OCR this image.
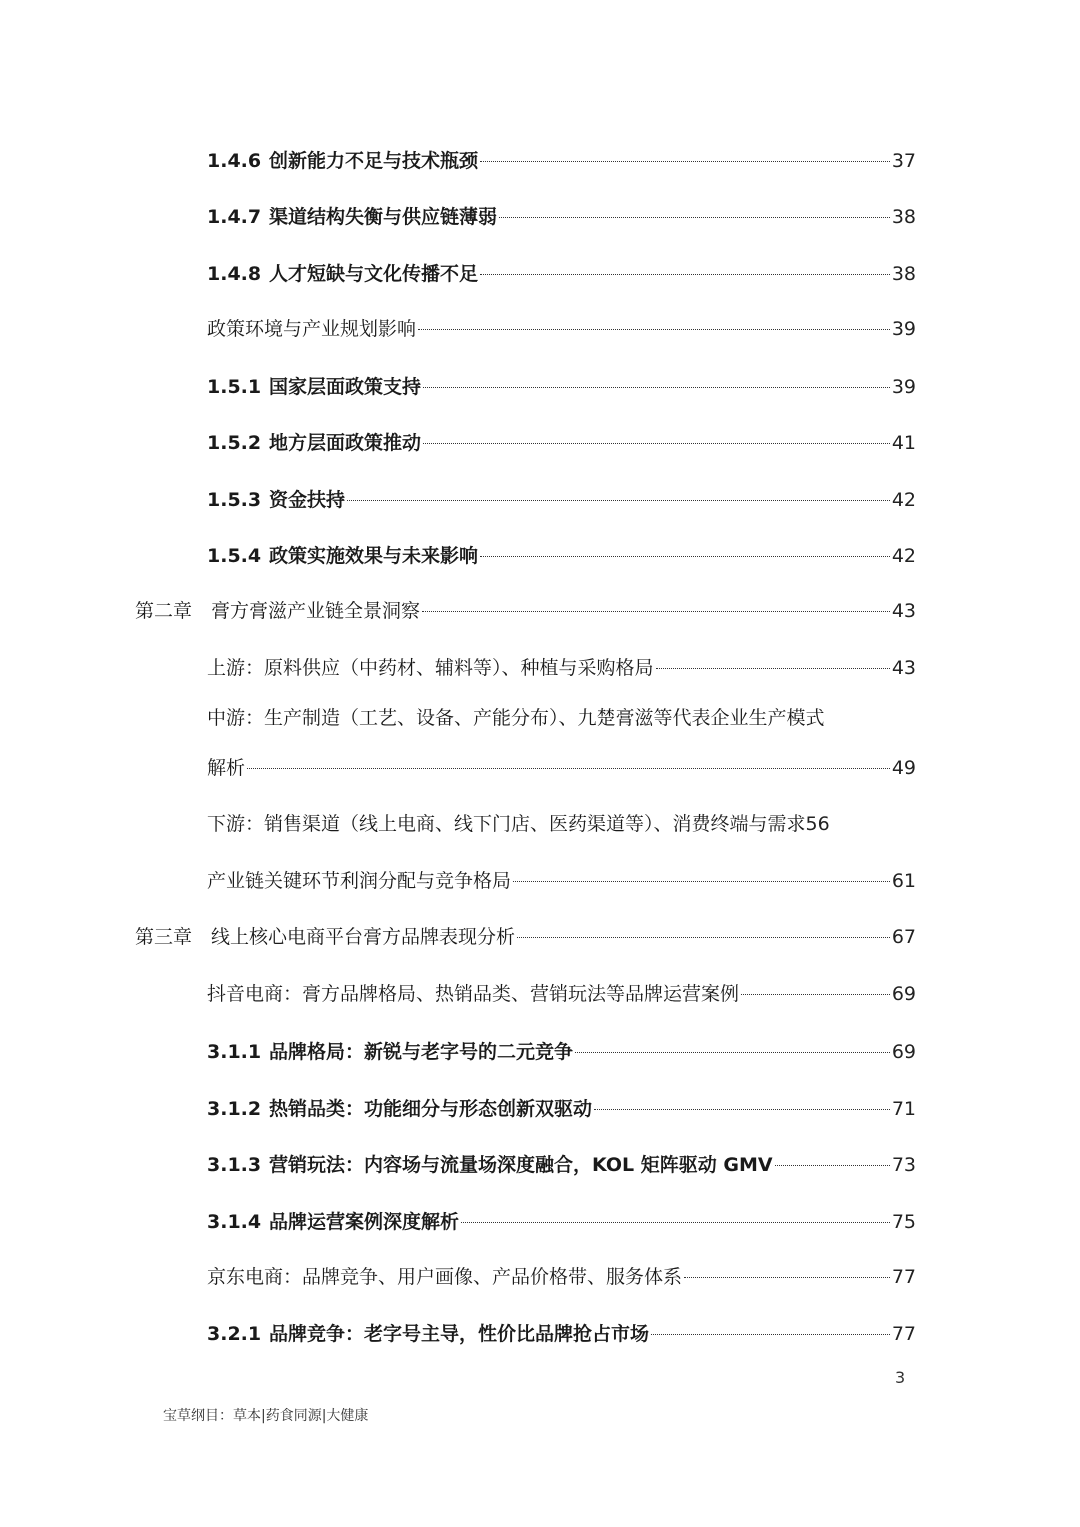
1.4.6 创新能力不足与技术瓶颈	37
1.4.7 渠道结构失衡与供应链薄弱	38
1.4.8 人才短缺与文化传播不足	38
政策环境与产业规划影响	39
1.5.1 国家层面政策支持	39
1.5.2 地方层面政策推动	41
1.5.3 资金扶持	42
1.5.4 政策实施效果与未来影响	42
第二章 膏方膏滋产业链全景洞察	43
上游：原料供应（中药材、辅料等）、种植与采购格局	43
中游：生产制造（工艺、设备、产能分布）、九楚膏滋等代表企业生产模式
解析	49
下游：销售渠道（线上电商、线下门店、医药渠道等）、消费终端与需求 56
产业链关键环节利润分配与竞争格局	61
第三章 线上核心电商平台膏方品牌表现分析	67
抖音电商：膏方品牌格局、热销品类、营销玩法等品牌运营案例	69
3.1.1 品牌格局：新锐与老字号的二元竞争	69
3.1.2 热销品类：功能细分与形态创新双驱动	71
3.1.3 营销玩法：内容场与流量场深度融合，KOL 矩阵驱动 GMV	73
3.1.4 品牌运营案例深度解析	75
京东电商：品牌竞争、用户画像、产品价格带、服务体系	77
3.2.1 品牌竞争：老字号主导，性价比品牌抢占市场	77
3
宝草纲目：草本|药食同源|大健康
